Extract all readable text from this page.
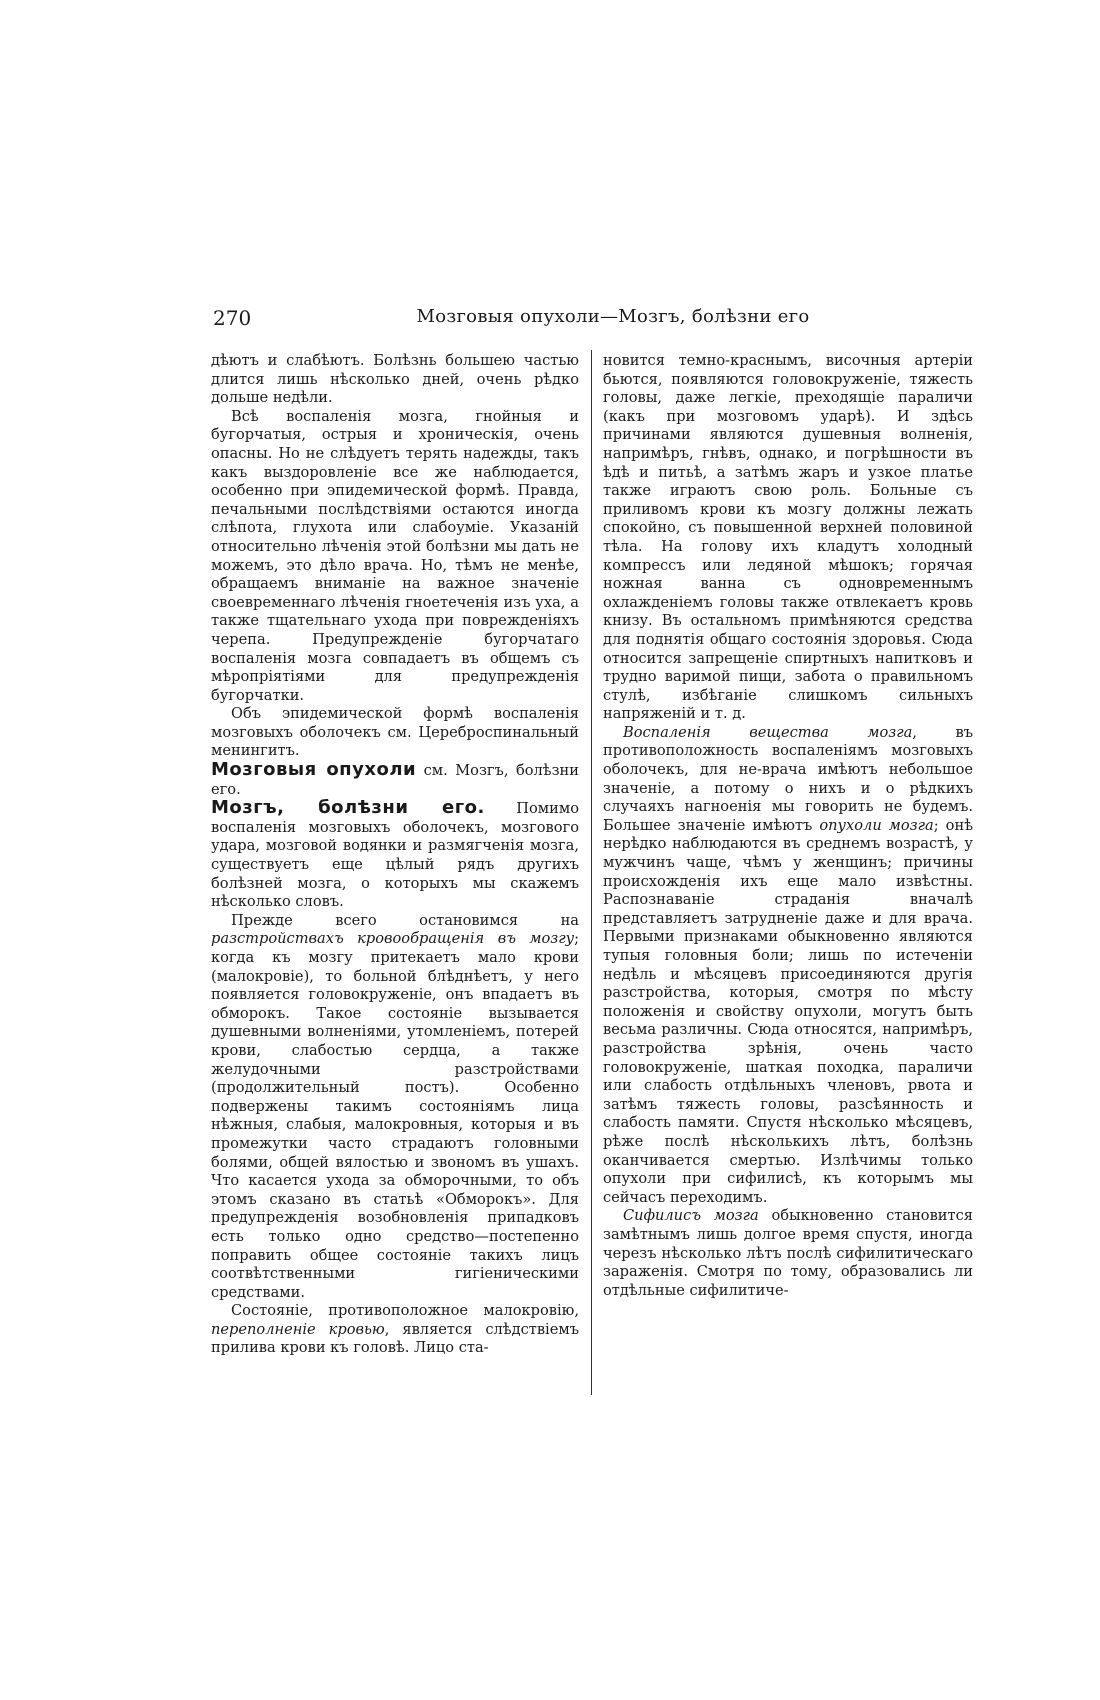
270	Мозговыя опухоли—Мозгъ, болѣзни его

дѣютъ и слабѣютъ. Болѣзнь большею частью длится лишь нѣсколько дней, очень рѣдко дольше недѣли.

Всѣ воспаленія мозга, гнойныя и бугорчатыя, острыя и хроническія, очень опасны. Но не слѣдуетъ терять надежды, такъ какъ выздоровленіе все же наблюдается, особенно при эпидемической формѣ. Правда, печальными послѣдствіями остаются иногда слѣпота, глухота или слабоуміе. Указаній относительно лѣченія этой болѣзни мы дать не можемъ, это дѣло врача. Но, тѣмъ не менѣе, обращаемъ вниманіе на важное значеніе своевременнаго лѣченія гноетеченія изъ уха, а также тщательнаго ухода при поврежденіяхъ черепа. Предупрежденіе бугорчатаго воспаленія мозга совпадаетъ въ общемъ съ мѣропріятіями для предупрежденія бугорчатки.

Объ эпидемической формѣ воспаленія мозговыхъ оболочекъ см. Цереброспинальный менингитъ.

Мозговыя опухоли см. Мозгъ, болѣзни его.

Мозгъ, болѣзни его. Помимо воспаленія мозговыхъ оболочекъ, мозгового удара, мозговой водянки и размягченія мозга, существуетъ еще цѣлый рядъ другихъ болѣзней мозга, о которыхъ мы скажемъ нѣсколько словъ.

Прежде всего остановимся на разстройствахъ кровообращенія въ мозгу; когда къ мозгу притекаетъ мало крови (малокровіе), то больной блѣднѣетъ, у него появляется головокруженіе, онъ впадаетъ въ обморокъ. Такое состояніе вызывается душевными волненіями, утомленіемъ, потерей крови, слабостью сердца, а также желудочными разстройствами (продолжительный постъ). Особенно подвержены такимъ состояніямъ лица нѣжныя, слабыя, малокровныя, которыя и въ промежутки часто страдаютъ головными болями, общей вялостью и звономъ въ ушахъ. Что касается ухода за обморочными, то объ этомъ сказано въ статьѣ «Обморокъ». Для предупрежденія возобновленія припадковъ есть только одно средство—постепенно поправить общее состояніе такихъ лицъ соотвѣтственными гигіеническими средствами.

Состояніе, противоположное малокровію, переполненіе кровью, является слѣдствіемъ прилива крови къ головѣ. Лицо ста-

новится темно-краснымъ, височныя артеріи бьются, появляются головокруженіе, тяжесть головы, даже легкіе, преходящіе параличи (какъ при мозговомъ ударѣ). И здѣсь причинами являются душевныя волненія, напримѣръ, гнѣвъ, однако, и погрѣшности въ ѣдѣ и питьѣ, а затѣмъ жаръ и узкое платье также играютъ свою роль. Больные съ приливомъ крови къ мозгу должны лежать спокойно, съ повышенной верхней половиной тѣла. На голову ихъ кладутъ холодный компрессъ или ледяной мѣшокъ; горячая ножная ванна съ одновременнымъ охлажденіемъ головы также отвлекаетъ кровь книзу. Въ остальномъ примѣняются средства для поднятія общаго состоянія здоровья. Сюда относится запрещеніе спиртныхъ напитковъ и трудно варимой пищи, забота о правильномъ стулѣ, избѣганіе слишкомъ сильныхъ напряженій и т. д.

Воспаленія вещества мозга, въ противоположность воспаленіямъ мозговыхъ оболочекъ, для не-врача имѣютъ небольшое значеніе, а потому о нихъ и о рѣдкихъ случаяхъ нагноенія мы говорить не будемъ. Большее значеніе имѣютъ опухоли мозга; онѣ нерѣдко наблюдаются въ среднемъ возрастѣ, у мужчинъ чаще, чѣмъ у женщинъ; причины происхожденія ихъ еще мало извѣстны. Распознаваніе страданія вначалѣ представляетъ затрудненіе даже и для врача. Первыми признаками обыкновенно являются тупыя головныя боли; лишь по истеченіи недѣль и мѣсяцевъ присоединяются другія разстройства, которыя, смотря по мѣсту положенія и свойству опухоли, могутъ быть весьма различны. Сюда относятся, напримѣръ, разстройства зрѣнія, очень часто головокруженіе, шаткая походка, параличи или слабость отдѣльныхъ членовъ, рвота и затѣмъ тяжесть головы, разсѣянность и слабость памяти. Спустя нѣсколько мѣсяцевъ, рѣже послѣ нѣсколькихъ лѣтъ, болѣзнь оканчивается смертью. Излѣчимы только опухоли при сифилисѣ, къ которымъ мы сейчасъ переходимъ.

Сифилисъ мозга обыкновенно становится замѣтнымъ лишь долгое время спустя, иногда черезъ нѣсколько лѣтъ послѣ сифилитическаго зараженія. Смотря по тому, образовались ли отдѣльные сифилитиче-
